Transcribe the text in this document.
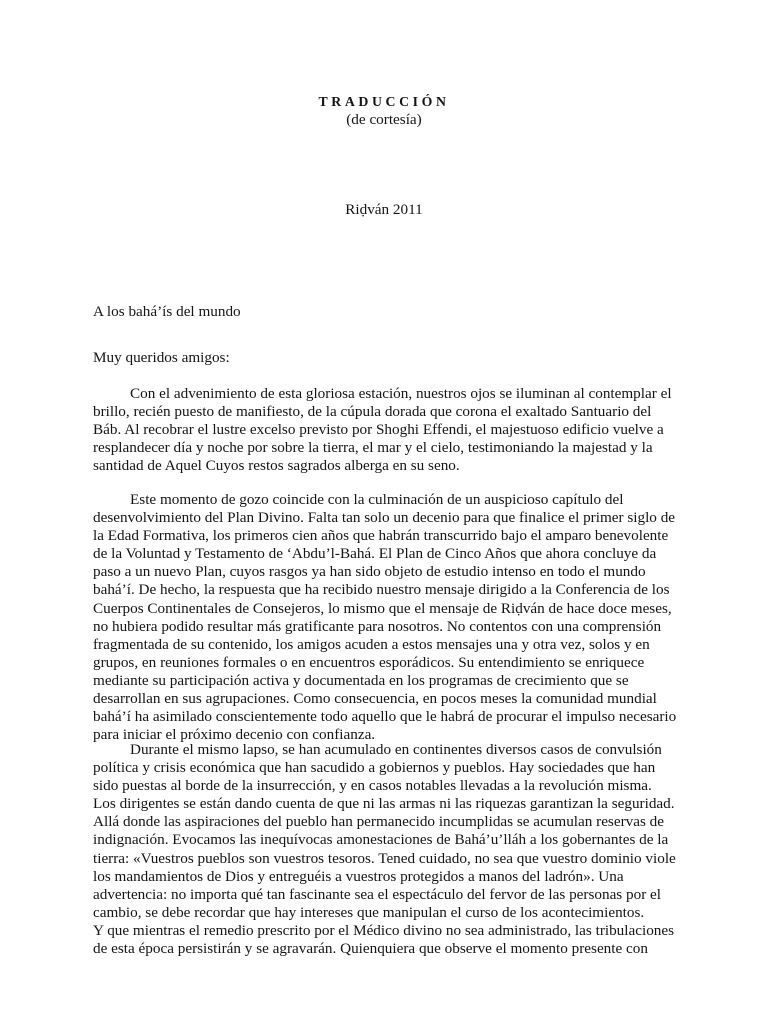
TRADUCCIÓN
(de cortesía)
Riḍván 2011
A los bahá’ís del mundo
Muy queridos amigos:
Con el advenimiento de esta gloriosa estación, nuestros ojos se iluminan al contemplar el
brillo, recién puesto de manifiesto, de la cúpula dorada que corona el exaltado Santuario del
Báb. Al recobrar el lustre excelso previsto por Shoghi Effendi, el majestuoso edificio vuelve a
resplandecer día y noche por sobre la tierra, el mar y el cielo, testimoniando la majestad y la
santidad de Aquel Cuyos restos sagrados alberga en su seno.
Este momento de gozo coincide con la culminación de un auspicioso capítulo del
desenvolvimiento del Plan Divino. Falta tan solo un decenio para que finalice el primer siglo de
la Edad Formativa, los primeros cien años que habrán transcurrido bajo el amparo benevolente
de la Voluntad y Testamento de ‘Abdu’l-Bahá. El Plan de Cinco Años que ahora concluye da
paso a un nuevo Plan, cuyos rasgos ya han sido objeto de estudio intenso en todo el mundo
bahá’í. De hecho, la respuesta que ha recibido nuestro mensaje dirigido a la Conferencia de los
Cuerpos Continentales de Consejeros, lo mismo que el mensaje de Riḍván de hace doce meses,
no hubiera podido resultar más gratificante para nosotros. No contentos con una comprensión
fragmentada de su contenido, los amigos acuden a estos mensajes una y otra vez, solos y en
grupos, en reuniones formales o en encuentros esporádicos. Su entendimiento se enriquece
mediante su participación activa y documentada en los programas de crecimiento que se
desarrollan en sus agrupaciones. Como consecuencia, en pocos meses la comunidad mundial
bahá’í ha asimilado conscientemente todo aquello que le habrá de procurar el impulso necesario
para iniciar el próximo decenio con confianza.
Durante el mismo lapso, se han acumulado en continentes diversos casos de convulsión
política y crisis económica que han sacudido a gobiernos y pueblos. Hay sociedades que han
sido puestas al borde de la insurrección, y en casos notables llevadas a la revolución misma.
Los dirigentes se están dando cuenta de que ni las armas ni las riquezas garantizan la seguridad.
Allá donde las aspiraciones del pueblo han permanecido incumplidas se acumulan reservas de
indignación. Evocamos las inequívocas amonestaciones de Bahá’u’lláh a los gobernantes de la
tierra: «Vuestros pueblos son vuestros tesoros. Tened cuidado, no sea que vuestro dominio viole
los mandamientos de Dios y entreguéis a vuestros protegidos a manos del ladrón». Una
advertencia: no importa qué tan fascinante sea el espectáculo del fervor de las personas por el
cambio, se debe recordar que hay intereses que manipulan el curso de los acontecimientos.
Y que mientras el remedio prescrito por el Médico divino no sea administrado, las tribulaciones
de esta época persistirán y se agravarán. Quienquiera que observe el momento presente con
